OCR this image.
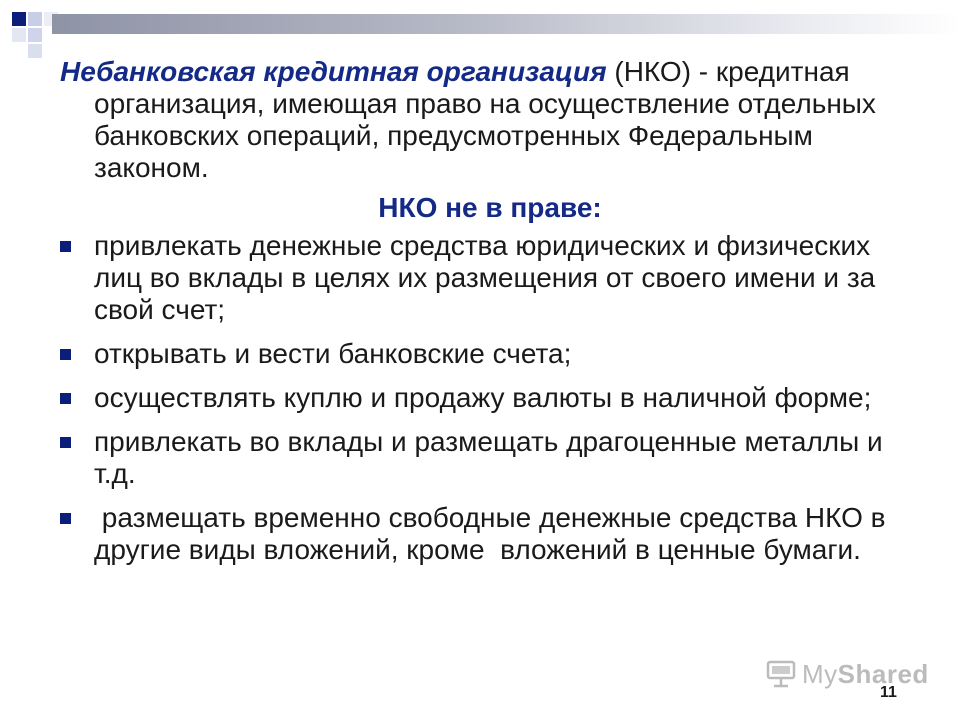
Небанковская кредитная организация (НКО) - кредитная организация, имеющая право на осуществление отдельных банковских операций, предусмотренных Федеральным законом.

НКО не в праве:
привлекать денежные средства юридических и физических лиц во вклады в целях их размещения от своего имени и за свой счет;
открывать и вести банковские счета;
осуществлять куплю и продажу валюты в наличной форме;
привлекать во вклады и размещать драгоценные металлы и т.д.
размещать временно свободные денежные средства НКО в другие виды вложений, кроме  вложений в ценные бумаги.
MyShared
11
